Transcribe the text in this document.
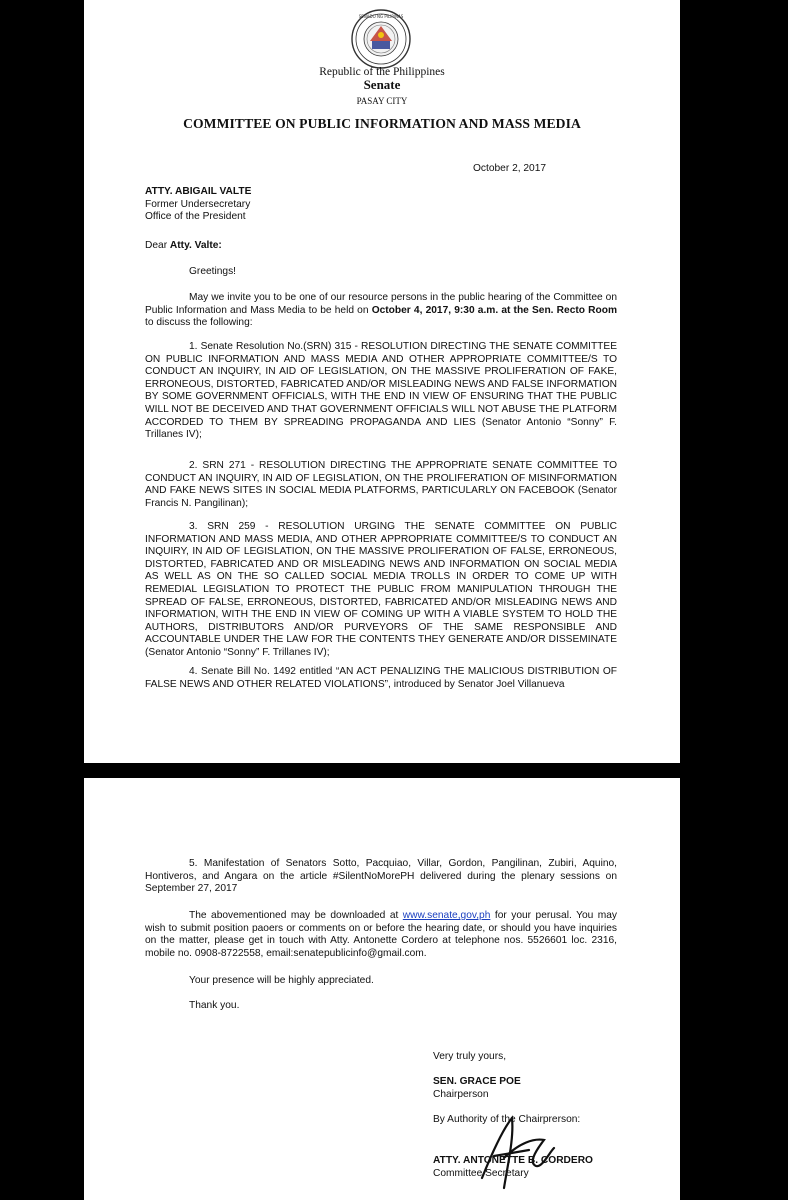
SENADO NG PILIPINAS
Republic of the Philippines
Senate
PASAY CITY
COMMITTEE ON PUBLIC INFORMATION AND MASS MEDIA
October 2, 2017
ATTY. ABIGAIL VALTE
Former Undersecretary
Office of the President
Dear Atty. Valte:
Greetings!

May we invite you to be one of our resource persons in the public hearing of the Committee on Public Information and Mass Media to be held on October 4, 2017, 9:30 a.m. at the Sen. Recto Room to discuss the following:

1. Senate Resolution No.(SRN) 315 - RESOLUTION DIRECTING THE SENATE COMMITTEE ON PUBLIC INFORMATION AND MASS MEDIA AND OTHER APPROPRIATE COMMITTEE/S TO CONDUCT AN INQUIRY, IN AID OF LEGISLATION, ON THE MASSIVE PROLIFERATION OF FAKE, ERRONEOUS, DISTORTED, FABRICATED AND/OR MISLEADING NEWS AND FALSE INFORMATION BY SOME GOVERNMENT OFFICIALS, WITH THE END IN VIEW OF ENSURING THAT THE PUBLIC WILL NOT BE DECEIVED AND THAT GOVERNMENT OFFICIALS WILL NOT ABUSE THE PLATFORM ACCORDED TO THEM BY SPREADING PROPAGANDA AND LIES (Senator Antonio “Sonny” F. Trillanes IV);

2. SRN 271 - RESOLUTION DIRECTING THE APPROPRIATE SENATE COMMITTEE TO CONDUCT AN INQUIRY, IN AID OF LEGISLATION, ON THE PROLIFERATION OF MISINFORMATION AND FAKE NEWS SITES IN SOCIAL MEDIA PLATFORMS, PARTICULARLY ON FACEBOOK (Senator Francis N. Pangilinan);

3. SRN 259 - RESOLUTION URGING THE SENATE COMMITTEE ON PUBLIC INFORMATION AND MASS MEDIA, AND OTHER APPROPRIATE COMMITTEE/S TO CONDUCT AN INQUIRY, IN AID OF LEGISLATION, ON THE MASSIVE PROLIFERATION OF FALSE, ERRONEOUS, DISTORTED, FABRICATED AND OR MISLEADING NEWS AND INFORMATION ON SOCIAL MEDIA AS WELL AS ON THE SO CALLED SOCIAL MEDIA TROLLS IN ORDER TO COME UP WITH REMEDIAL LEGISLATION TO PROTECT THE PUBLIC FROM MANIPULATION THROUGH THE SPREAD OF FALSE, ERRONEOUS, DISTORTED, FABRICATED AND/OR MISLEADING NEWS AND INFORMATION, WITH THE END IN VIEW OF COMING UP WITH A VIABLE SYSTEM TO HOLD THE AUTHORS, DISTRIBUTORS AND/OR PURVEYORS OF THE SAME RESPONSIBLE AND ACCOUNTABLE UNDER THE LAW FOR THE CONTENTS THEY GENERATE AND/OR DISSEMINATE (Senator Antonio “Sonny” F. Trillanes IV);

4. Senate Bill No. 1492 entitled “AN ACT PENALIZING THE MALICIOUS DISTRIBUTION OF FALSE NEWS AND OTHER RELATED VIOLATIONS”, introduced by Senator Joel Villanueva

5. Manifestation of Senators Sotto, Pacquiao, Villar, Gordon, Pangilinan, Zubiri, Aquino, Hontiveros, and Angara on the article #SilentNoMorePH delivered during the plenary sessions on September 27, 2017

The abovementioned may be downloaded at www.senate,gov,ph for your perusal. You may wish to submit position paoers or comments on or before the hearing date, or should you have inquiries on the matter, please get in touch with Atty. Antonette Cordero at telephone nos. 5526601 loc. 2316, mobile no. 0908-8722558, email:senatepublicinfo@gmail.com.

Your presence will be highly appreciated.
Thank you.
Very truly yours,
SEN. GRACE POE
Chairperson
By Authority of the Chairprerson:
ATTY. ANTONETTE B. CORDERO
Committee Secretary
